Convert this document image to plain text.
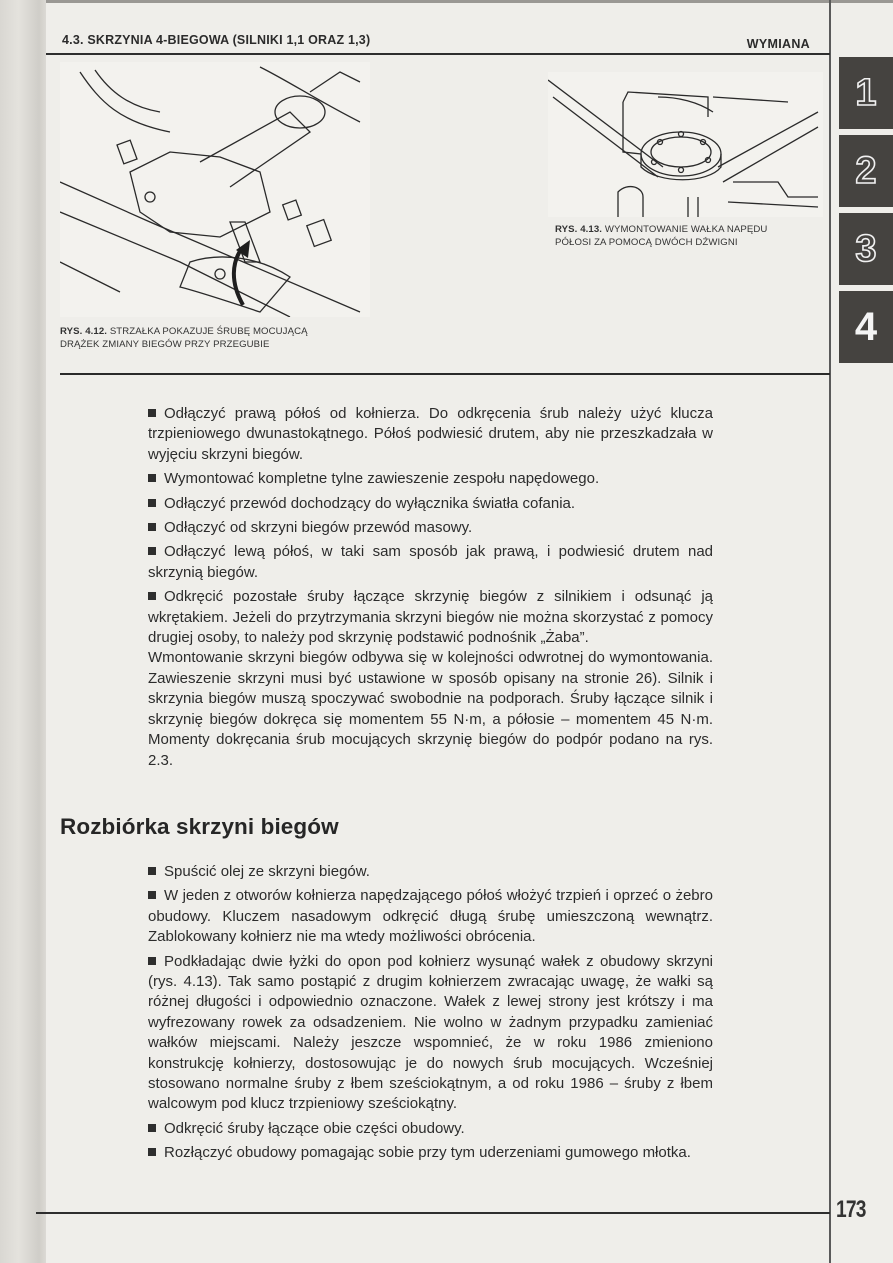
4.3. SKRZYNIA 4-BIEGOWA (SILNIKI 1,1 ORAZ 1,3)	WYMIANA
RYS. 4.12. STRZAŁKA POKAZUJE ŚRUBĘ MOCUJĄCĄ
DRĄŻEK ZMIANY BIEGÓW PRZY PRZEGUBIE
RYS. 4.13. WYMONTOWANIE WAŁKA NAPĘDU
PÓŁOSI ZA POMOCĄ DWÓCH DŹWIGNI
1
2
3
4

Odłączyć prawą półoś od kołnierza. Do odkręcenia śrub należy użyć klucza trzpieniowego dwunastokątnego. Półoś podwiesić drutem, aby nie przeszkadzała w wyjęciu skrzyni biegów.

Wymontować kompletne tylne zawieszenie zespołu napędowego.

Odłączyć przewód dochodzący do wyłącznika światła cofania.

Odłączyć od skrzyni biegów przewód masowy.

Odłączyć lewą półoś, w taki sam sposób jak prawą, i podwiesić drutem nad skrzynią biegów.

Odkręcić pozostałe śruby łączące skrzynię biegów z silnikiem i odsunąć ją wkrętakiem. Jeżeli do przytrzymania skrzyni biegów nie można skorzystać z pomocy drugiej osoby, to należy pod skrzynię podstawić podnośnik „Żaba”.

Wmontowanie skrzyni biegów odbywa się w kolejności odwrotnej do wymontowania. Zawieszenie skrzyni musi być ustawione w sposób opisany na stronie 26). Silnik i skrzynia biegów muszą spoczywać swobodnie na podporach. Śruby łączące silnik i skrzynię biegów dokręca się momentem 55 N·m, a półosie – momentem 45 N·m. Momenty dokręcania śrub mocujących skrzynię biegów do podpór podano na rys. 2.3.

Rozbiórka skrzyni biegów

Spuścić olej ze skrzyni biegów.

W jeden z otworów kołnierza napędzającego półoś włożyć trzpień i oprzeć o żebro obudowy. Kluczem nasadowym odkręcić długą śrubę umieszczoną wewnątrz. Zablokowany kołnierz nie ma wtedy możliwości obrócenia.

Podkładając dwie łyżki do opon pod kołnierz wysunąć wałek z obudowy skrzyni (rys. 4.13). Tak samo postąpić z drugim kołnierzem zwracając uwagę, że wałki są różnej długości i odpowiednio oznaczone. Wałek z lewej strony jest krótszy i ma wyfrezowany rowek za odsadzeniem. Nie wolno w żadnym przypadku zamieniać wałków miejscami. Należy jeszcze wspomnieć, że w roku 1986 zmieniono konstrukcję kołnierzy, dostosowując je do nowych śrub mocujących. Wcześniej stosowano normalne śruby z łbem sześciokątnym, a od roku 1986 – śruby z łbem walcowym pod klucz trzpieniowy sześciokątny.

Odkręcić śruby łączące obie części obudowy.

Rozłączyć obudowy pomagając sobie przy tym uderzeniami gumowego młotka.

173
